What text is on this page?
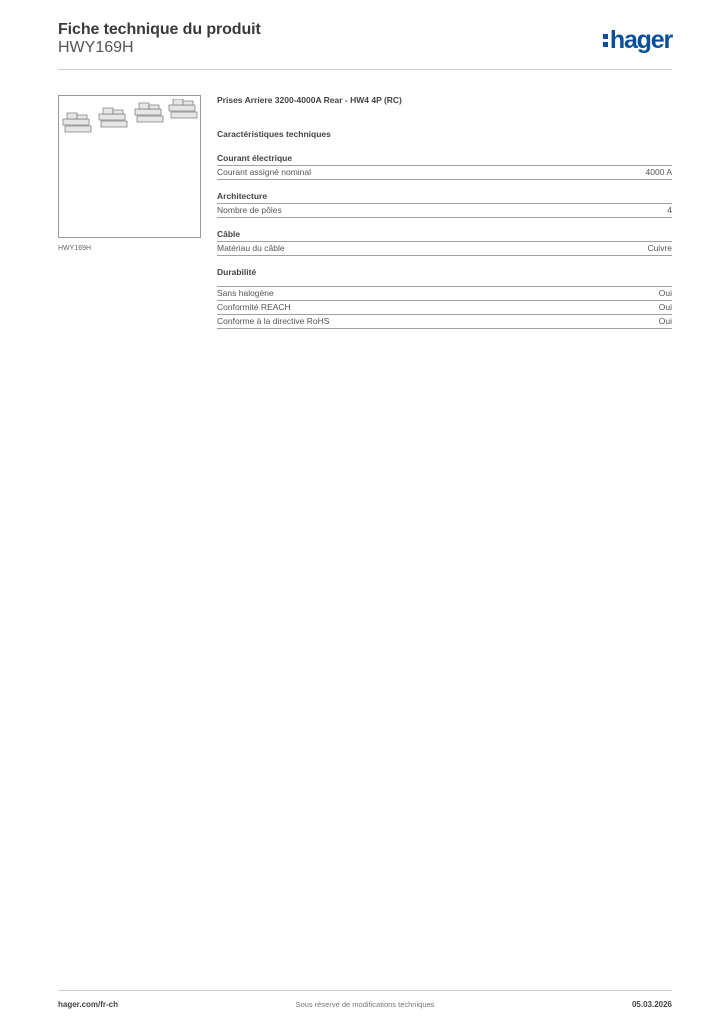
Fiche technique du produit
HWY169H	hager
HWY169H
Prises Arriere 3200-4000A Rear - HW4 4P (RC)
Caractéristiques techniques
Courant électrique
Courant assigné nominal	4000 A
Architecture
Nombre de pôles	4
Câble
Matériau du câble	Cuivre
Durabilité
Sans halogène	Oui
Conformité REACH	Oui
Conforme à la directive RoHS	Oui
hager.com/fr-ch	Sous réserve de modifications techniques	05.03.2026
